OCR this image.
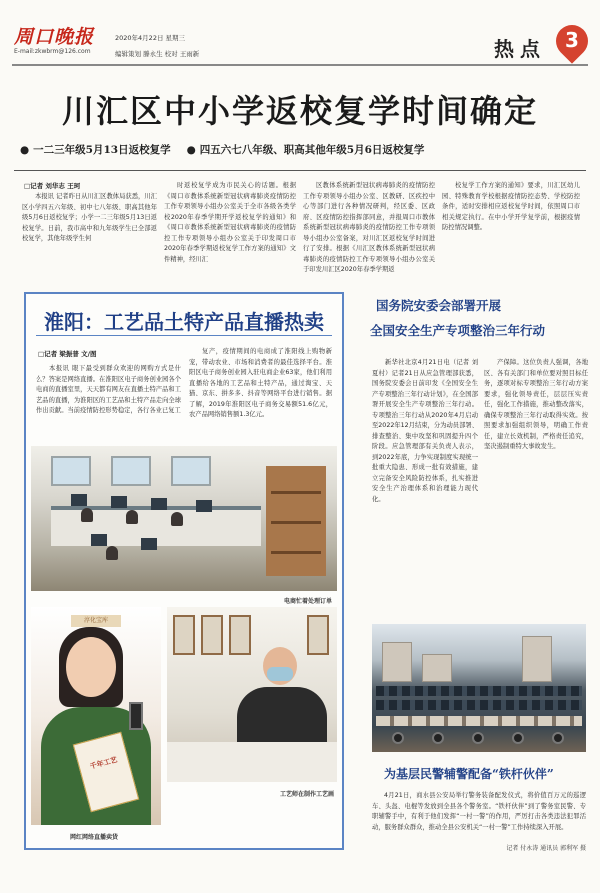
周口晚报
E-mail:zkwbrm@126.com
2020年4月22日 星期三
编辑策划 滕永生 校对 王雨新	热点 3
川汇区中小学返校复学时间确定
● 一二三年级5月13日返校复学
●	四五六七八年级、职高其他年级5月6日返校复学
□记者 刘华志 王珂
本报讯 记者昨日从川汇区教体局获悉，川汇区小学四五六年级、初中七八年级、职高其他年级5月6日返校复学；小学一二三年级5月13日返校复学。日前，我市高中和九年级学生已全部返校复学，其他年级学生何
时返校复学成为市民关心的话题。根据《周口市教体系统新型冠状病毒肺炎疫情防控工作专项领导小组办公室关于全市各级各类学校2020年春季学期开学返校复学的通知》和《周口市教体系统新型冠状病毒肺炎的疫情防控工作专项领导小组办公室关于印发周口市2020年春季学期返校复学工作方案的通知》文件精神，经川汇
区教体系统新型冠状病毒肺炎的疫情防控工作专项领导小组办公室、区教研、区疾控中心等部门进行各种情况研判，经区委、区政府、区疫情防控指挥部同意，并报周口市教体系统新型冠状病毒肺炎的疫情防控工作专项领导小组办公室备案，对川汇区返校复学时间进行了安排。根据《川汇区教体系统新型冠状病毒肺炎的疫情防控工作专项领导小组办公室关于印发川汇区2020年春季学期返
校复学工作方案的通知》要求，川汇区幼儿园、特殊教育学校根据疫情防控态势、学校防控条件，适时安排相应返校复学时间，依照周口市相关规定执行。在中小学开学复学前，根据疫情防控情况调整。
淮阳：工艺品土特产品直播热卖
□记者 梁振普 文/图
本报讯 眼下最受到群众欢迎的网购方式是什么？答案是网络直播。在淮阳区电子商务创业园各个电商的直播室里，天天都有网友在直播土特产品和工艺品的直播，为淮阳区的工艺品和土特产品走向全球作出贡献。当前疫情防控形势稳定，各行各业已复工
复产，疫情期间的电商成了淮阳线上购物新宠，带动农业、市场和消费者的最佳选择平台。淮阳区电子商务创业园入驻电商企业63家，他们利用直播给各地的工艺品和土特产品，通过淘宝、天猫、京东、拼多多、抖音等网络平台进行销售。据了解，2019年淮阳区电子商务交易额51.6亿元，农产品网络销售额1.3亿元。
电商忙着处理订单
淳化宝库
千年工艺
网红网络直播卖货
工艺师在制作工艺画
国务院安委会部署开展
全国安全生产专项整治三年行动
新华社北京4月21日电（记者 刘夏村）记者21日从应急管理部获悉，国务院安委会日前印发《全国安全生产专项整治三年行动计划》，在全国部署开展安全生产专项整治三年行动。专项整治三年行动从2020年4月启动至2022年12月结束，分为动员部署、排查整治、集中攻坚和巩固提升四个阶段。应急管理部有关负责人表示，到2022年底，力争实现制度实现统一批重大隐患、形成一批有效措施，建立完备安全风险防控体系，扎实推进安全生产治理体系和治理能力现代化。
产保障。这位负责人强调，各地区、各有关部门和单位要对照目标任务，逐项对标专项整治三年行动方案要求，强化领导责任，层层压实责任，强化工作措施，推动整改落实，确保专项整治三年行动取得实效。按照要求加强组织领导，明确工作责任，建立长效机制，严格责任追究，坚决遏制重特大事故发生。
为基层民警辅警配备“铁杆伙伴”
4月21日，商水县公安局举行警务装备配发仪式，将价值百万元的巡逻车、头盔、电棍等发放到全县各个警务室。“铁杆伙伴”到了警务室民警、专职辅警手中，有利于他们发挥“一村一警”的作用，严厉打击各类违法犯罪活动，服务群众群众，推动全县公安机关“一村一警”工作持续深入开展。
记者 付永涛 通讯员 郭利军 摄
